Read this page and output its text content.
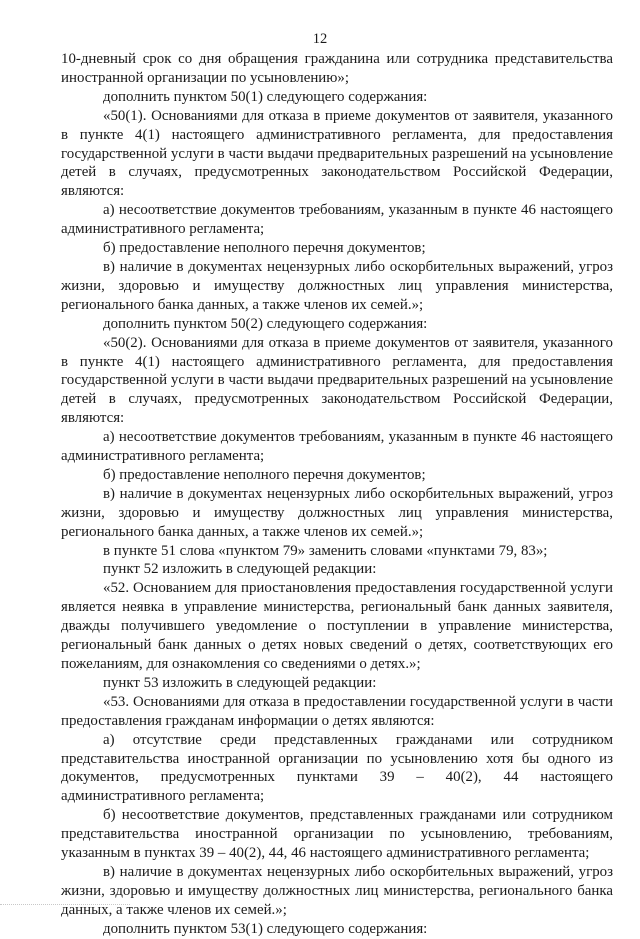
12

10-дневный срок со дня обращения гражданина или сотрудника представительства иностранной организации по усыновлению»;

дополнить пунктом 50(1) следующего содержания:

«50(1). Основаниями для отказа в приеме документов от заявителя, указанного в пункте 4(1) настоящего административного регламента, для предоставления государственной услуги в части выдачи предварительных разрешений на усыновление детей в случаях, предусмотренных законодательством Российской Федерации, являются:

а) несоответствие документов требованиям, указанным в пункте 46 настоящего административного регламента;

б) предоставление неполного перечня документов;

в) наличие в документах нецензурных либо оскорбительных выражений, угроз жизни, здоровью и имуществу должностных лиц управления министерства, регионального банка данных, а также членов их семей.»;

дополнить пунктом 50(2) следующего содержания:

«50(2). Основаниями для отказа в приеме документов от заявителя, указанного в пункте 4(1) настоящего административного регламента, для предоставления государственной услуги в части выдачи предварительных разрешений на усыновление детей в случаях, предусмотренных законодательством Российской Федерации, являются:

а) несоответствие документов требованиям, указанным в пункте 46 настоящего административного регламента;

б) предоставление неполного перечня документов;

в) наличие в документах нецензурных либо оскорбительных выражений, угроз жизни, здоровью и имуществу должностных лиц управления министерства, регионального банка данных, а также членов их семей.»;

в пункте 51 слова «пунктом 79» заменить словами «пунктами 79, 83»;

пункт 52 изложить в следующей редакции:

«52. Основанием для приостановления предоставления государственной услуги является неявка в управление министерства, региональный банк данных заявителя, дважды получившего уведомление о поступлении в управление министерства, региональный банк данных о детях новых сведений о детях, соответствующих его пожеланиям, для ознакомления со сведениями о детях.»;

пункт 53 изложить в следующей редакции:

«53. Основаниями для отказа в предоставлении государственной услуги в части предоставления гражданам информации о детях являются:

а) отсутствие среди представленных гражданами или сотрудником представительства иностранной организации по усыновлению хотя бы одного из документов, предусмотренных пунктами 39 – 40(2), 44 настоящего административного регламента;

б) несоответствие документов, представленных гражданами или сотрудником представительства иностранной организации по усыновлению, требованиям, указанным в пунктах 39 – 40(2), 44, 46 настоящего административного регламента;

в) наличие в документах нецензурных либо оскорбительных выражений, угроз жизни, здоровью и имуществу должностных лиц министерства, регионального банка данных, а также членов их семей.»;

дополнить пунктом 53(1) следующего содержания:
